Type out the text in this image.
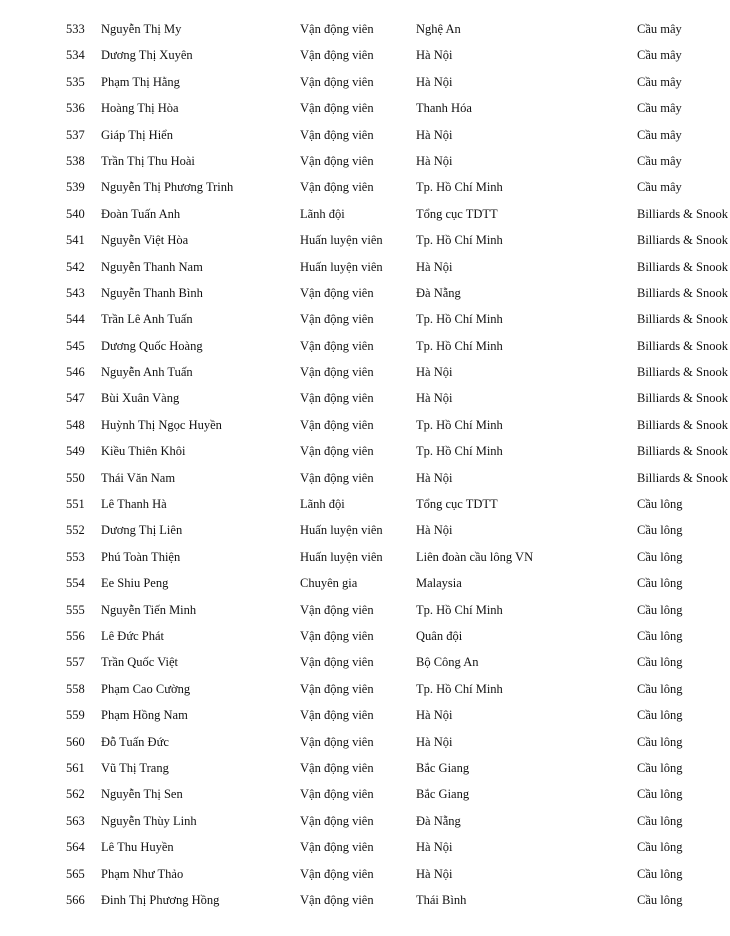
533 Nguyễn Thị My	Vận động viên	Nghệ An	Cầu mây
534 Dương Thị Xuyên	Vận động viên	Hà Nội	Cầu mây
535 Phạm Thị Hằng	Vận động viên	Hà Nội	Cầu mây
536 Hoàng Thị Hòa	Vận động viên	Thanh Hóa	Cầu mây
537 Giáp Thị Hiển	Vận động viên	Hà Nội	Cầu mây
538 Trần Thị Thu Hoài	Vận động viên	Hà Nội	Cầu mây
539 Nguyễn Thị Phương Trinh	Vận động viên	Tp. Hồ Chí Minh	Cầu mây
540 Đoàn Tuấn Anh	Lãnh đội	Tổng cục TDTT	Billiards & Snook
541 Nguyễn Việt Hòa	Huấn luyện viên	Tp. Hồ Chí Minh	Billiards & Snook
542 Nguyễn Thanh Nam	Huấn luyện viên	Hà Nội	Billiards & Snook
543 Nguyễn Thanh Bình	Vận động viên	Đà Nẵng	Billiards & Snook
544 Trần Lê Anh Tuấn	Vận động viên	Tp. Hồ Chí Minh	Billiards & Snook
545 Dương Quốc Hoàng	Vận động viên	Tp. Hồ Chí Minh	Billiards & Snook
546 Nguyễn Anh Tuấn	Vận động viên	Hà Nội	Billiards & Snook
547 Bùi Xuân Vàng	Vận động viên	Hà Nội	Billiards & Snook
548 Huỳnh Thị Ngọc Huyền	Vận động viên	Tp. Hồ Chí Minh	Billiards & Snook
549 Kiều Thiên Khôi	Vận động viên	Tp. Hồ Chí Minh	Billiards & Snook
550 Thái Văn Nam	Vận động viên	Hà Nội	Billiards & Snook
551 Lê Thanh Hà	Lãnh đội	Tổng cục TDTT	Cầu lông
552 Dương Thị Liên	Huấn luyện viên	Hà Nội	Cầu lông
553 Phú Toàn Thiện	Huấn luyện viên	Liên đoàn cầu lông VN	Cầu lông
554 Ee Shiu Peng	Chuyên gia	Malaysia	Cầu lông
555 Nguyễn Tiến Minh	Vận động viên	Tp. Hồ Chí Minh	Cầu lông
556 Lê Đức Phát	Vận động viên	Quân đội	Cầu lông
557 Trần Quốc Việt	Vận động viên	Bộ Công An	Cầu lông
558 Phạm Cao Cường	Vận động viên	Tp. Hồ Chí Minh	Cầu lông
559 Phạm Hồng Nam	Vận động viên	Hà Nội	Cầu lông
560 Đỗ Tuấn Đức	Vận động viên	Hà Nội	Cầu lông
561 Vũ Thị Trang	Vận động viên	Bắc Giang	Cầu lông
562 Nguyễn Thị Sen	Vận động viên	Bắc Giang	Cầu lông
563 Nguyễn Thùy Linh	Vận động viên	Đà Nẵng	Cầu lông
564 Lê Thu Huyền	Vận động viên	Hà Nội	Cầu lông
565 Phạm Như Thảo	Vận động viên	Hà Nội	Cầu lông
566 Đinh Thị Phương Hồng	Vận động viên	Thái Bình	Cầu lông
